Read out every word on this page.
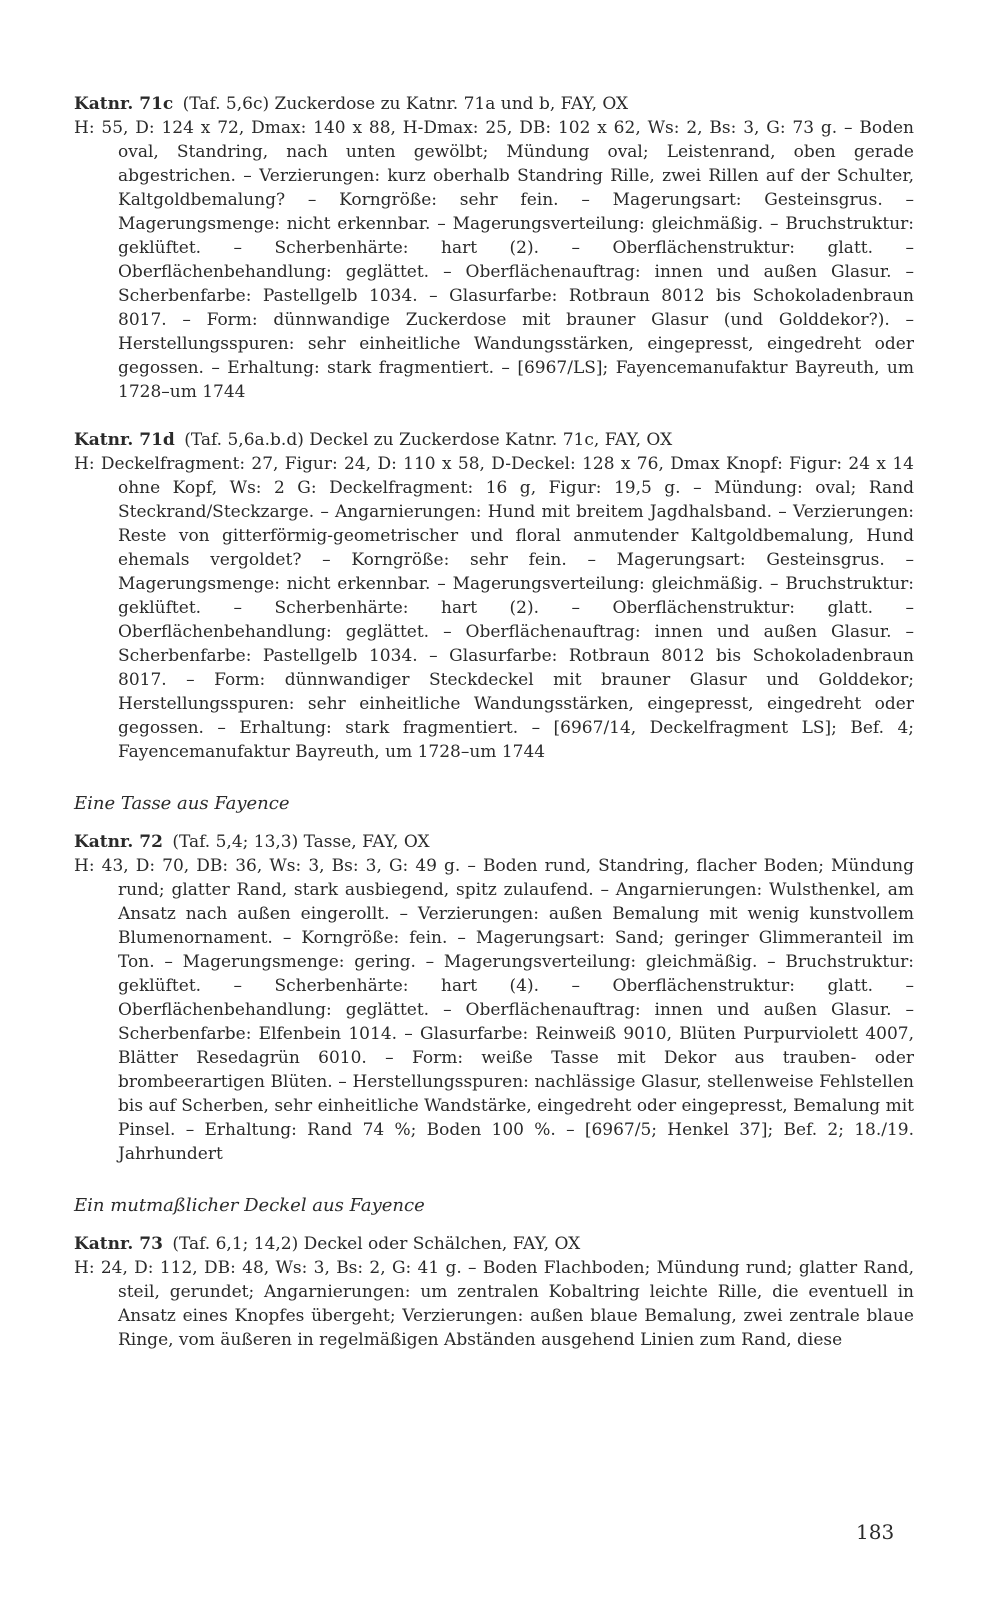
Katnr. 71c (Taf. 5,6c) Zuckerdose zu Katnr. 71a und b, FAY, OX

H: 55, D: 124 x 72, Dmax: 140 x 88, H-Dmax: 25, DB: 102 x 62, Ws: 2, Bs: 3, G: 73 g. – Boden oval, Standring, nach unten gewölbt; Mündung oval; Leistenrand, oben gerade abgestrichen. – Verzierungen: kurz oberhalb Standring Rille, zwei Rillen auf der Schulter, Kaltgoldbemalung? – Korngröße: sehr fein. – Magerungsart: Gesteinsgrus. – Magerungsmenge: nicht erkennbar. – Magerungsverteilung: gleichmäßig. – Bruchstruktur: geklüftet. – Scherbenhärte: hart (2). – Oberflächenstruktur: glatt. – Oberflächenbehandlung: geglättet. – Oberflächenauftrag: innen und außen Glasur. – Scherbenfarbe: Pastellgelb 1034. – Glasurfarbe: Rotbraun 8012 bis Schokoladenbraun 8017. – Form: dünnwandige Zuckerdose mit brauner Glasur (und Golddekor?). – Herstellungsspuren: sehr einheitliche Wandungsstärken, eingepresst, eingedreht oder gegossen. – Erhaltung: stark fragmentiert. – [6967/LS]; Fayencemanufaktur Bayreuth, um 1728–um 1744

Katnr. 71d (Taf. 5,6a.b.d) Deckel zu Zuckerdose Katnr. 71c, FAY, OX

H: Deckelfragment: 27, Figur: 24, D: 110 x 58, D-Deckel: 128 x 76, Dmax Knopf: Figur: 24 x 14 ohne Kopf, Ws: 2 G: Deckelfragment: 16 g, Figur: 19,5 g. – Mündung: oval; Rand Steckrand/Steckzarge. – Angarnierungen: Hund mit breitem Jagdhalsband. – Verzierungen: Reste von gitterförmig-geometrischer und floral anmutender Kaltgoldbemalung, Hund ehemals vergoldet? – Korngröße: sehr fein. – Magerungsart: Gesteinsgrus. – Magerungsmenge: nicht erkennbar. – Magerungsverteilung: gleichmäßig. – Bruchstruktur: geklüftet. – Scherbenhärte: hart (2). – Oberflächenstruktur: glatt. – Oberflächenbehandlung: geglättet. – Oberflächenauftrag: innen und außen Glasur. – Scherbenfarbe: Pastellgelb 1034. – Glasurfarbe: Rotbraun 8012 bis Schokoladenbraun 8017. – Form: dünnwandiger Steckdeckel mit brauner Glasur und Golddekor; Herstellungsspuren: sehr einheitliche Wandungsstärken, eingepresst, eingedreht oder gegossen. – Erhaltung: stark fragmentiert. – [6967/14, Deckelfragment LS]; Bef. 4; Fayencemanufaktur Bayreuth, um 1728–um 1744

Eine Tasse aus Fayence

Katnr. 72 (Taf. 5,4; 13,3) Tasse, FAY, OX

H: 43, D: 70, DB: 36, Ws: 3, Bs: 3, G: 49 g. – Boden rund, Standring, flacher Boden; Mündung rund; glatter Rand, stark ausbiegend, spitz zulaufend. – Angarnierungen: Wulsthenkel, am Ansatz nach außen eingerollt. – Verzierungen: außen Bemalung mit wenig kunstvollem Blumenornament. – Korngröße: fein. – Magerungsart: Sand; geringer Glimmeranteil im Ton. – Magerungsmenge: gering. – Magerungsverteilung: gleichmäßig. – Bruchstruktur: geklüftet. – Scherbenhärte: hart (4). – Oberflächenstruktur: glatt. – Oberflächenbehandlung: geglättet. – Oberflächenauftrag: innen und außen Glasur. – Scherbenfarbe: Elfenbein 1014. – Glasurfarbe: Reinweiß 9010, Blüten Purpurviolett 4007, Blätter Resedagrün 6010. – Form: weiße Tasse mit Dekor aus trauben- oder brombeerartigen Blüten. – Herstellungsspuren: nachlässige Glasur, stellenweise Fehlstellen bis auf Scherben, sehr einheitliche Wandstärke, eingedreht oder eingepresst, Bemalung mit Pinsel. – Erhaltung: Rand 74 %; Boden 100 %. – [6967/5; Henkel 37]; Bef. 2; 18./19. Jahrhundert

Ein mutmaßlicher Deckel aus Fayence

Katnr. 73 (Taf. 6,1; 14,2) Deckel oder Schälchen, FAY, OX

H: 24, D: 112, DB: 48, Ws: 3, Bs: 2, G: 41 g. – Boden Flachboden; Mündung rund; glatter Rand, steil, gerundet; Angarnierungen: um zentralen Kobaltring leichte Rille, die eventuell in Ansatz eines Knopfes übergeht; Verzierungen: außen blaue Bemalung, zwei zentrale blaue Ringe, vom äußeren in regelmäßigen Abständen ausgehend Linien zum Rand, diese

183
